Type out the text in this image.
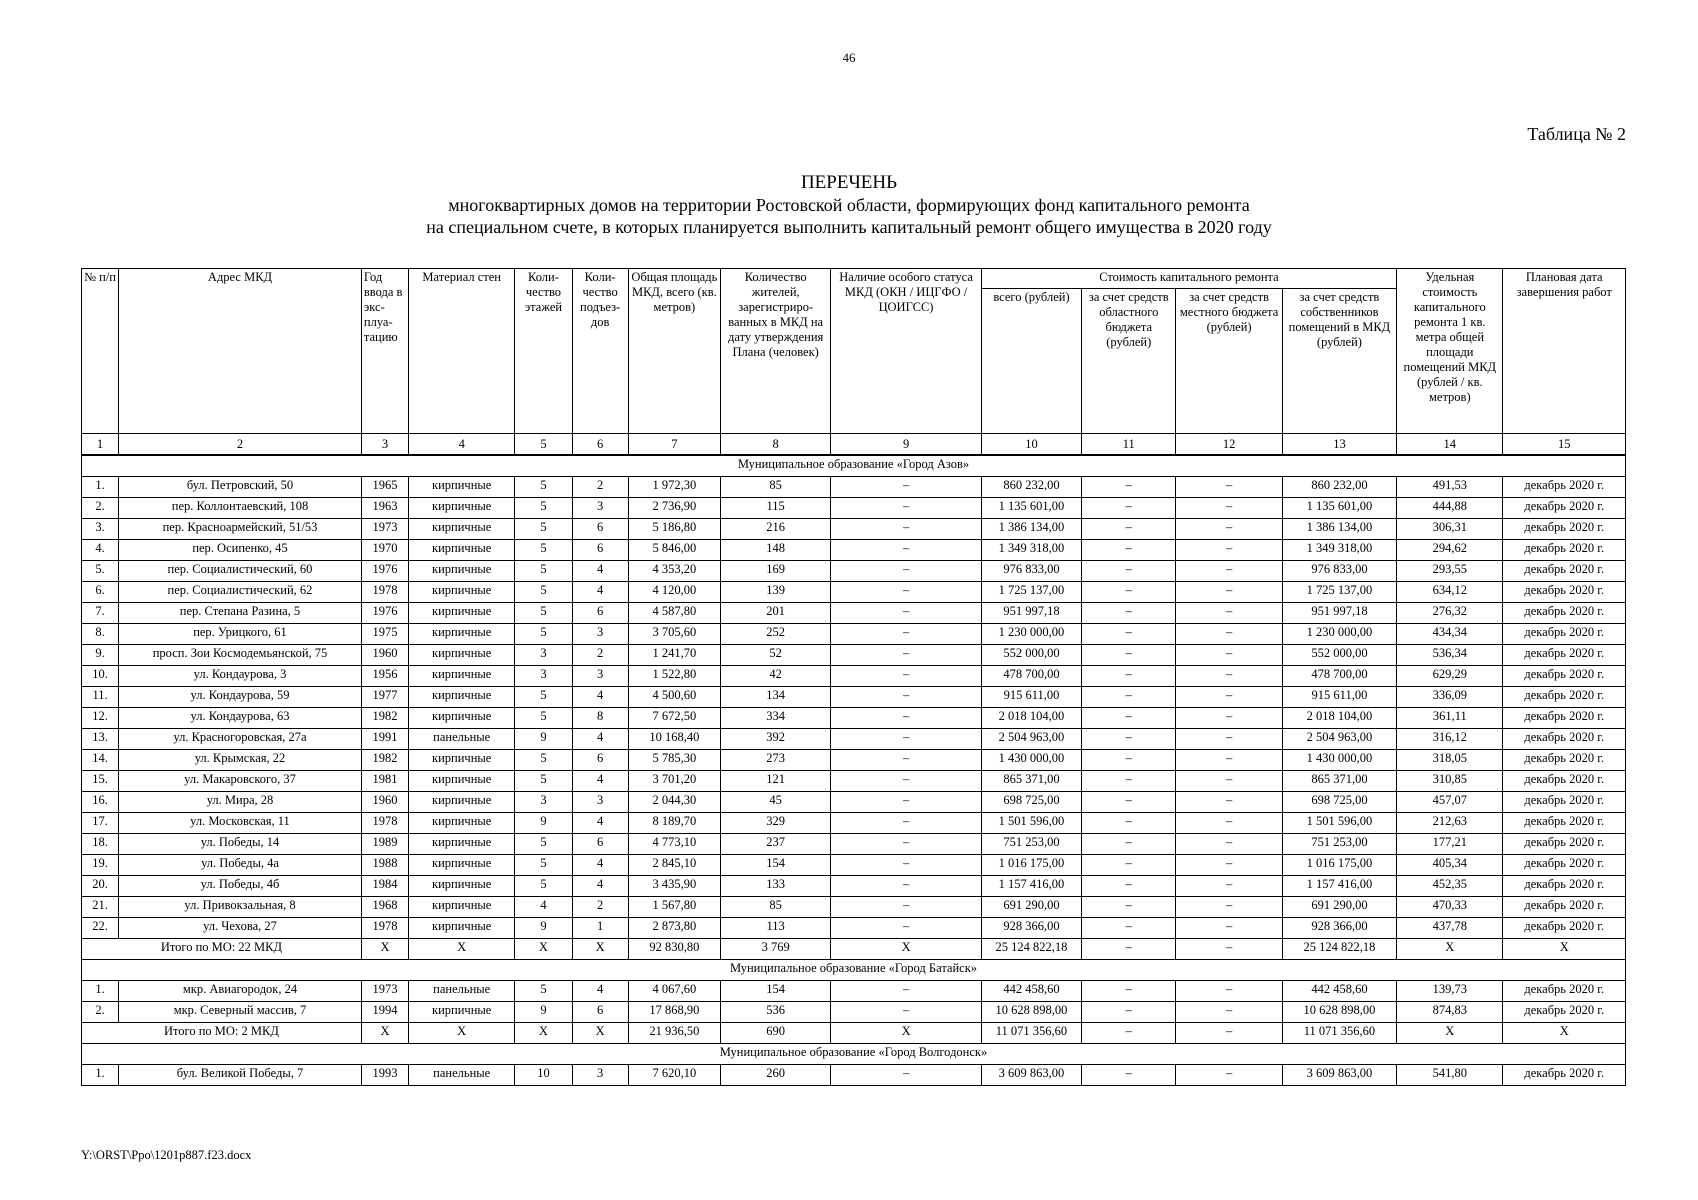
46
Таблица № 2
ПЕРЕЧЕНЬ
многоквартирных домов на территории Ростовской области, формирующих фонд капитального ремонта
на специальном счете, в которых планируется выполнить капитальный ремонт общего имущества в 2020 году
№ п/п	Адрес МКД	Год ввода в экс-плуа-тацию	Материал стен	Коли-чество этажей	Коли-чество подъез-дов	Общая площадь МКД, всего (кв. метров)	Количество жителей, зарегистриро-ванных в МКД на дату утверждения Плана (человек)	Наличие особого статуса МКД (ОКН / ИЦГФО / ЦОИГСС)	Стоимость капитального ремонта				Удельная стоимость капитального ремонта 1 кв. метра общей площади помещений МКД (рублей / кв. метров)	Плановая дата завершения работ
									всего (рублей)	за счет средств областного бюджета (рублей)	за счет средств местного бюджета (рублей)	за счет средств собственников помещений в МКД (рублей)		
1	2	3	4	5	6	7	8	9	10	11	12	13	14	15
Муниципальное образование «Город Азов»														
1.	бул. Петровский, 50	1965	кирпичные	5	2	1 972,30	85	–	860 232,00	–	–	860 232,00	491,53	декабрь 2020 г.
2.	пер. Коллонтаевский, 108	1963	кирпичные	5	3	2 736,90	115	–	1 135 601,00	–	–	1 135 601,00	444,88	декабрь 2020 г.
3.	пер. Красноармейский, 51/53	1973	кирпичные	5	6	5 186,80	216	–	1 386 134,00	–	–	1 386 134,00	306,31	декабрь 2020 г.
4.	пер. Осипенко, 45	1970	кирпичные	5	6	5 846,00	148	–	1 349 318,00	–	–	1 349 318,00	294,62	декабрь 2020 г.
5.	пер. Социалистический, 60	1976	кирпичные	5	4	4 353,20	169	–	976 833,00	–	–	976 833,00	293,55	декабрь 2020 г.
6.	пер. Социалистический, 62	1978	кирпичные	5	4	4 120,00	139	–	1 725 137,00	–	–	1 725 137,00	634,12	декабрь 2020 г.
7.	пер. Степана Разина, 5	1976	кирпичные	5	6	4 587,80	201	–	951 997,18	–	–	951 997,18	276,32	декабрь 2020 г.
8.	пер. Урицкого, 61	1975	кирпичные	5	3	3 705,60	252	–	1 230 000,00	–	–	1 230 000,00	434,34	декабрь 2020 г.
9.	просп. Зои Космодемьянской, 75	1960	кирпичные	3	2	1 241,70	52	–	552 000,00	–	–	552 000,00	536,34	декабрь 2020 г.
10.	ул. Кондаурова, 3	1956	кирпичные	3	3	1 522,80	42	–	478 700,00	–	–	478 700,00	629,29	декабрь 2020 г.
11.	ул. Кондаурова, 59	1977	кирпичные	5	4	4 500,60	134	–	915 611,00	–	–	915 611,00	336,09	декабрь 2020 г.
12.	ул. Кондаурова, 63	1982	кирпичные	5	8	7 672,50	334	–	2 018 104,00	–	–	2 018 104,00	361,11	декабрь 2020 г.
13.	ул. Красногоровская, 27а	1991	панельные	9	4	10 168,40	392	–	2 504 963,00	–	–	2 504 963,00	316,12	декабрь 2020 г.
14.	ул. Крымская, 22	1982	кирпичные	5	6	5 785,30	273	–	1 430 000,00	–	–	1 430 000,00	318,05	декабрь 2020 г.
15.	ул. Макаровского, 37	1981	кирпичные	5	4	3 701,20	121	–	865 371,00	–	–	865 371,00	310,85	декабрь 2020 г.
16.	ул. Мира, 28	1960	кирпичные	3	3	2 044,30	45	–	698 725,00	–	–	698 725,00	457,07	декабрь 2020 г.
17.	ул. Московская, 11	1978	кирпичные	9	4	8 189,70	329	–	1 501 596,00	–	–	1 501 596,00	212,63	декабрь 2020 г.
18.	ул. Победы, 14	1989	кирпичные	5	6	4 773,10	237	–	751 253,00	–	–	751 253,00	177,21	декабрь 2020 г.
19.	ул. Победы, 4а	1988	кирпичные	5	4	2 845,10	154	–	1 016 175,00	–	–	1 016 175,00	405,34	декабрь 2020 г.
20.	ул. Победы, 4б	1984	кирпичные	5	4	3 435,90	133	–	1 157 416,00	–	–	1 157 416,00	452,35	декабрь 2020 г.
21.	ул. Привокзальная, 8	1968	кирпичные	4	2	1 567,80	85	–	691 290,00	–	–	691 290,00	470,33	декабрь 2020 г.
22.	ул. Чехова, 27	1978	кирпичные	9	1	2 873,80	113	–	928 366,00	–	–	928 366,00	437,78	декабрь 2020 г.
Итого по МО: 22 МКД		X	X	X	X	92 830,80	3 769	X	25 124 822,18	–	–	25 124 822,18	X	X
Муниципальное образование «Город Батайск»														
1.	мкр. Авиагородок, 24	1973	панельные	5	4	4 067,60	154	–	442 458,60	–	–	442 458,60	139,73	декабрь 2020 г.
2.	мкр. Северный массив, 7	1994	кирпичные	9	6	17 868,90	536	–	10 628 898,00	–	–	10 628 898,00	874,83	декабрь 2020 г.
Итого по МО: 2 МКД		X	X	X	X	21 936,50	690	X	11 071 356,60	–	–	11 071 356,60	X	X
Муниципальное образование «Город Волгодонск»														
1.	бул. Великой Победы, 7	1993	панельные	10	3	7 620,10	260	–	3 609 863,00	–	–	3 609 863,00	541,80	декабрь 2020 г.
Y:\ORST\Ppo\1201p887.f23.docx
